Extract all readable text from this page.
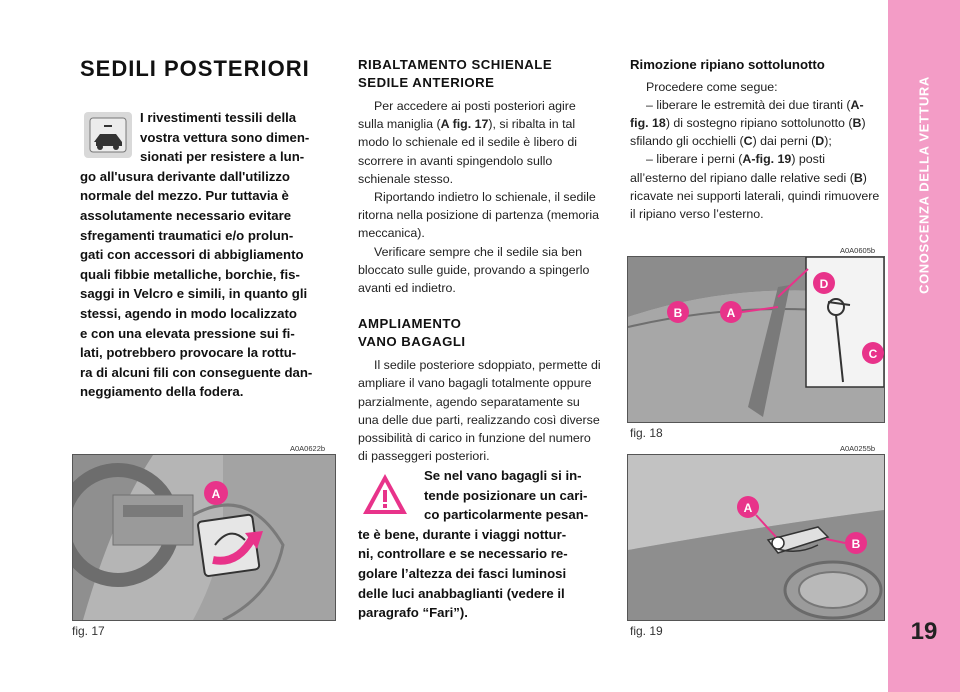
CONOSCENZA DELLA VETTURA
19
SEDILI POSTERIORI
I rivestimenti tessili della
vostra vettura sono dimen-
sionati per resistere a lun-
go all'usura derivante dall'utilizzo
normale del mezzo. Pur tuttavia è
assolutamente necessario evitare
sfregamenti traumatici e/o prolun-
gati con accessori di abbigliamento
quali fibbie metalliche, borchie, fis-
saggi in Velcro e simili, in quanto gli
stessi, agendo in modo localizzato
e con una elevata pressione sui fi-
lati, potrebbero provocare la rottu-
ra di alcuni fili con conseguente dan-
neggiamento della fodera.
A0A0622b
A
fig. 17
RIBALTAMENTO SCHIENALE
SEDILE ANTERIORE

Per accedere ai posti posteriori agire sulla maniglia (A fig. 17), si ribalta in tal modo lo schienale ed il sedile è libero di scorrere in avanti spingendolo sullo schienale stesso.

Riportando indietro lo schienale, il sedile ritorna nella posizione di partenza (memoria meccanica).

Verificare sempre che il sedile sia ben bloccato sulle guide, provando a spingerlo avanti ed indietro.

AMPLIAMENTO
VANO BAGAGLI

Il sedile posteriore sdoppiato, permette di ampliare il vano bagagli totalmente oppure parzialmente, agendo separatamente su una delle due parti, realizzando così diverse possibilità di carico in funzione del numero di passeggeri posteriori.

Se nel vano bagagli si in-
tende posizionare un cari-
co particolarmente pesan-
te è bene, durante i viaggi nottur-
ni, controllare e se necessario re-
golare l’altezza dei fasci luminosi
delle luci anabbaglianti (vedere il
paragrafo “Fari”).
Rimozione ripiano sottolunotto

Procedere come segue:

– liberare le estremità dei due tiranti (A-fig. 18) di sostegno ripiano sottolunotto (B) sfilando gli occhielli (C) dai perni (D);

– liberare i perni (A-fig. 19) posti all’esterno del ripiano dalle relative sedi (B) ricavate nei supporti laterali, quindi rimuovere il ripiano verso l’esterno.

A0A0605b
B	A
D
C
fig. 18
A0A0255b
A
B
fig. 19
